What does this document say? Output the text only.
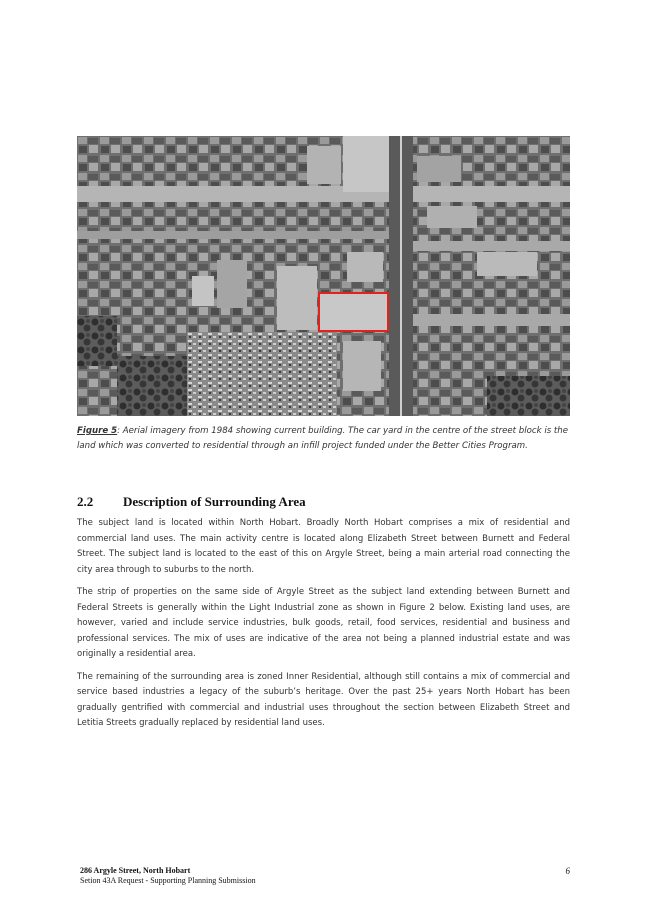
Figure 5: Aerial imagery from 1984 showing current building. The car yard in the centre of the street block is the land which was converted to residential through an infill project funded under the Better Cities Program.
2.2 Description of Surrounding Area

The subject land is located within North Hobart. Broadly North Hobart comprises a mix of residential and commercial land uses. The main activity centre is located along Elizabeth Street between Burnett and Federal Street. The subject land is located to the east of this on Argyle Street, being a main arterial road connecting the city area through to suburbs to the north.

The strip of properties on the same side of Argyle Street as the subject land extending between Burnett and Federal Streets is generally within the Light Industrial zone as shown in Figure 2 below. Existing land uses, are however, varied and include service industries, bulk goods, retail, food services, residential and business and professional services. The mix of uses are indicative of the area not being a planned industrial estate and was originally a residential area.

The remaining of the surrounding area is zoned Inner Residential, although still contains a mix of commercial and service based industries a legacy of the suburb’s heritage. Over the past 25+ years North Hobart has been gradually gentrified with commercial and industrial uses throughout the section between Elizabeth Street and Letitia Streets gradually replaced by residential land uses.

286 Argyle Street, North Hobart
Setion 43A Request - Supporting Planning Submission
6
